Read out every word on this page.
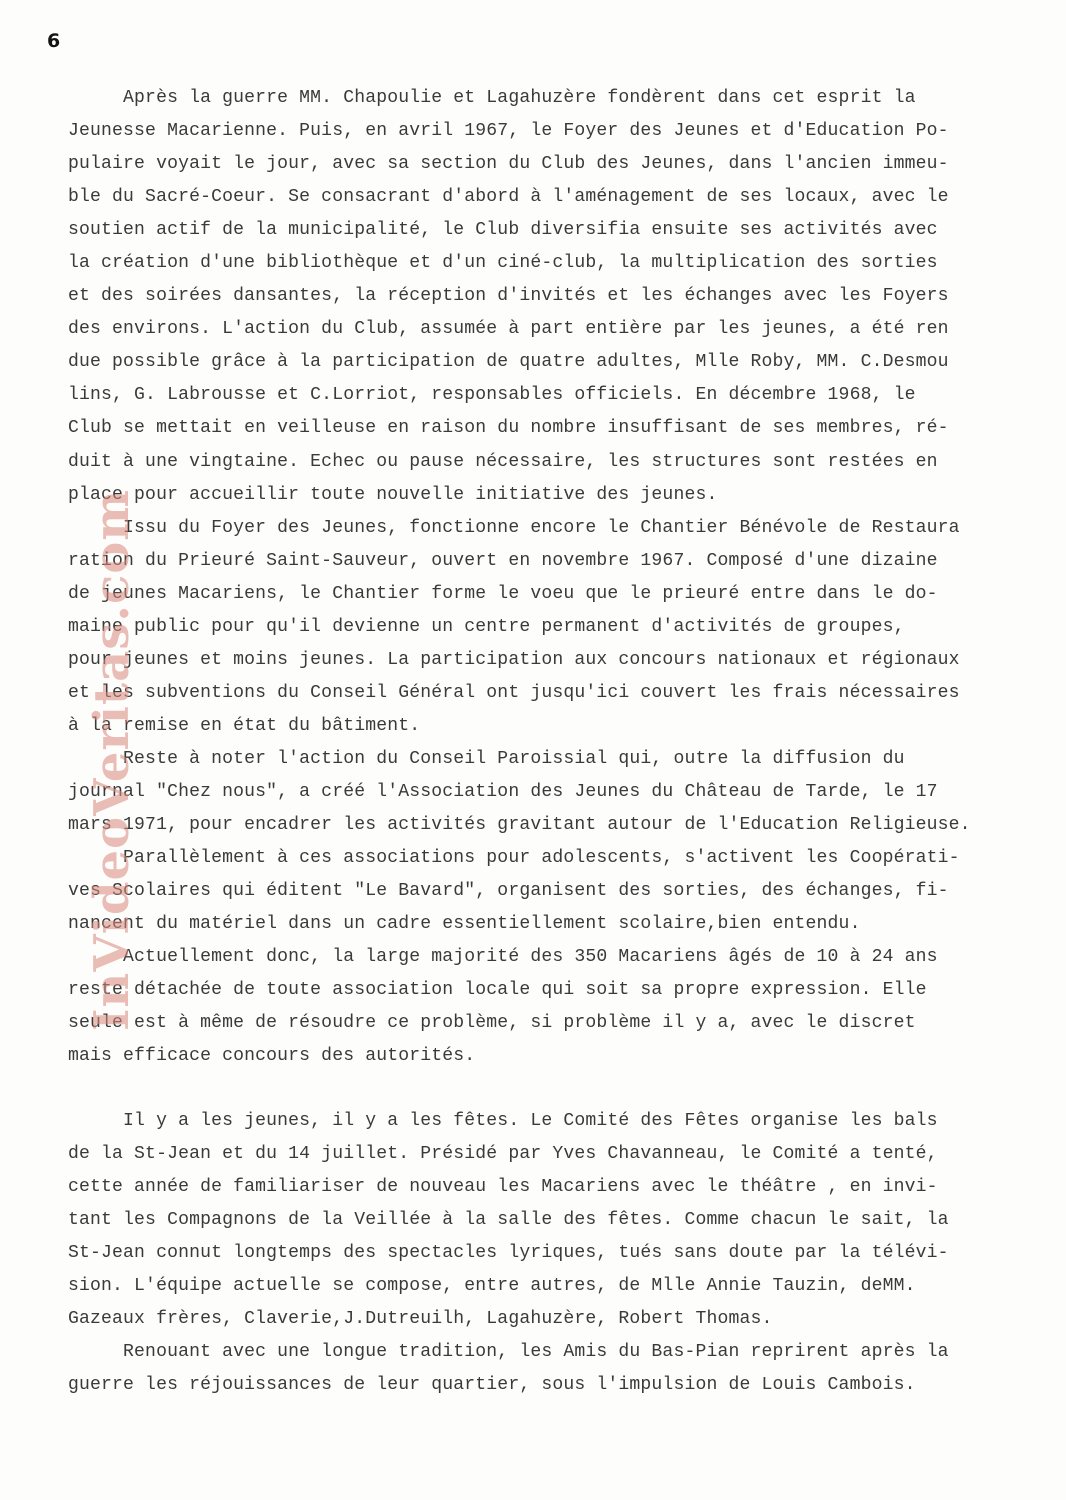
6
Après la guerre MM. Chapoulie et Lagahuzère fondèrent dans cet esprit la
Jeunesse Macarienne. Puis, en avril 1967, le Foyer des Jeunes et d'Education Po-
pulaire voyait le jour, avec sa section du Club des Jeunes, dans l'ancien immeu-
ble du Sacré-Coeur. Se consacrant d'abord à l'aménagement de ses locaux, avec le
soutien actif de la municipalité, le Club diversifia ensuite ses activités avec
la création d'une bibliothèque et d'un ciné-club, la multiplication des sorties
et des soirées dansantes, la réception d'invités et les échanges avec les Foyers
des environs. L'action du Club, assumée à part entière par les jeunes, a été ren
due possible grâce à la participation de quatre adultes, Mlle Roby, MM. C.Desmou
lins, G. Labrousse et C.Lorriot, responsables officiels. En décembre 1968, le
Club se mettait en veilleuse en raison du nombre insuffisant de ses membres, ré-
duit à une vingtaine. Echec ou pause nécessaire, les structures sont restées en
place pour accueillir toute nouvelle initiative des jeunes.
Issu du Foyer des Jeunes, fonctionne encore le Chantier Bénévole de Restaura
ration du Prieuré Saint-Sauveur, ouvert en novembre 1967. Composé d'une dizaine
de jeunes Macariens, le Chantier forme le voeu que le prieuré entre dans le do-
maine public pour qu'il devienne un centre permanent d'activités de groupes,
pour jeunes et moins jeunes. La participation aux concours nationaux et régionaux
et les subventions du Conseil Général ont jusqu'ici couvert les frais nécessaires
à la remise en état du bâtiment.
Reste à noter l'action du Conseil Paroissial qui, outre la diffusion du
journal "Chez nous", a créé l'Association des Jeunes du Château de Tarde, le 17
mars 1971, pour encadrer les activités gravitant autour de l'Education Religieuse.
Parallèlement à ces associations pour adolescents, s'activent les Coopérati-
ves Scolaires qui éditent "Le Bavard", organisent des sorties, des échanges, fi-
nancent du matériel dans un cadre essentiellement scolaire,bien entendu.
Actuellement donc, la large majorité des 350 Macariens âgés de 10 à 24 ans
reste détachée de toute association locale qui soit sa propre expression. Elle
seule est à même de résoudre ce problème, si problème il y a, avec le discret
mais efficace concours des autorités.
Il y a les jeunes, il y a les fêtes. Le Comité des Fêtes organise les bals
de la St-Jean et du 14 juillet. Présidé par Yves Chavanneau, le Comité a tenté,
cette année de familiariser de nouveau les Macariens avec le théâtre , en invi-
tant les Compagnons de la Veillée à la salle des fêtes. Comme chacun le sait, la
St-Jean connut longtemps des spectacles lyriques, tués sans doute par la télévi-
sion. L'équipe actuelle se compose, entre autres, de Mlle Annie Tauzin, deMM.
Gazeaux frères, Claverie,J.Dutreuilh, Lagahuzère, Robert Thomas.
Renouant avec une longue tradition, les Amis du Bas-Pian reprirent après la
guerre les réjouissances de leur quartier, sous l'impulsion de Louis Cambois.
InVideoVeritas.com
